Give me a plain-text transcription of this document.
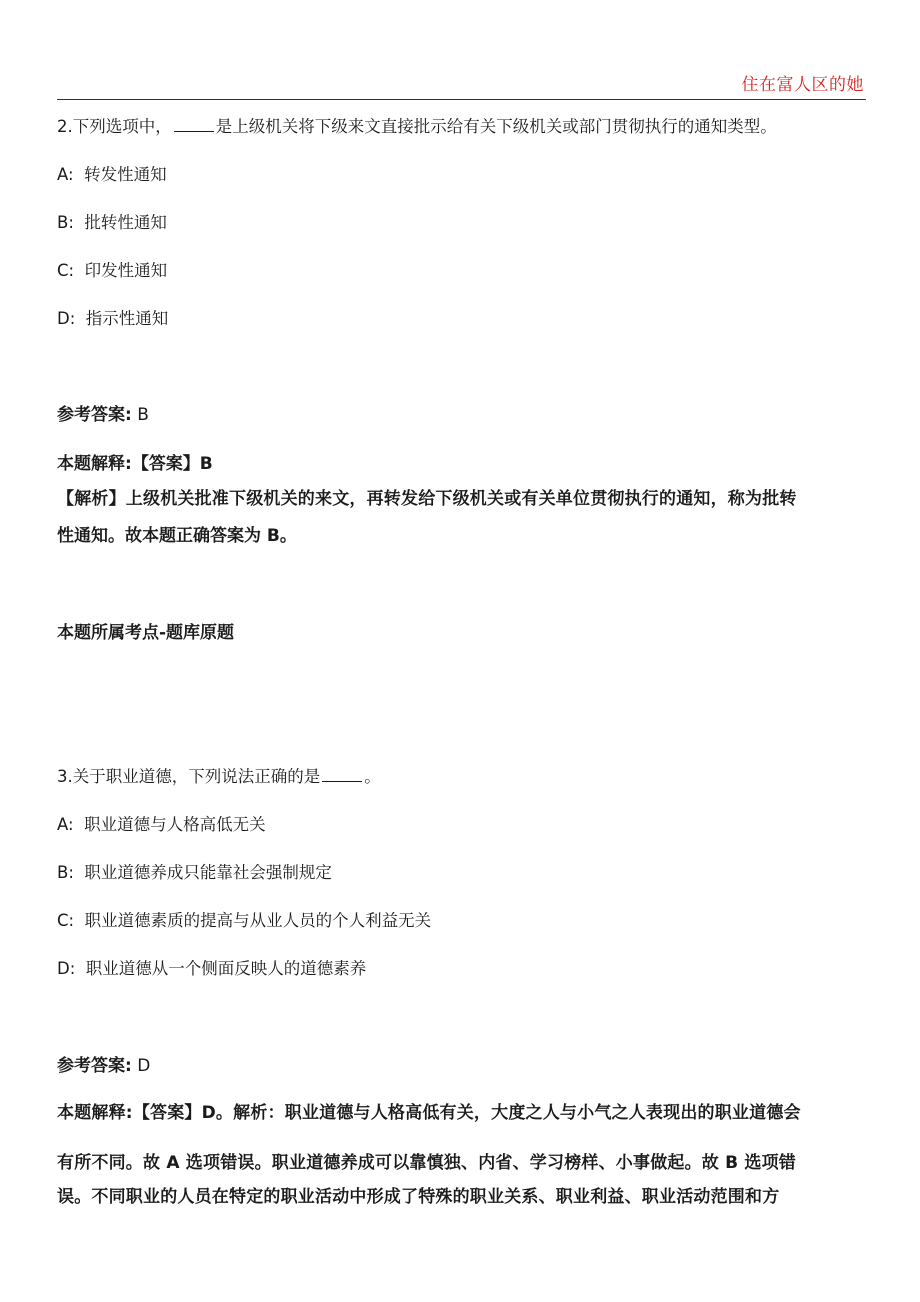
住在富人区的她
2.下列选项中，	是上级机关将下级来文直接批示给有关下级机关或部门贯彻执行的通知类型。
A: 转发性通知
B: 批转性通知
C: 印发性通知
D: 指示性通知
参考答案: B
本题解释:【答案】B
【解析】上级机关批准下级机关的来文，再转发给下级机关或有关单位贯彻执行的通知，称为批转
性通知。故本题正确答案为 B。
本题所属考点-题库原题
3.关于职业道德，下列说法正确的是	。
A: 职业道德与人格高低无关
B: 职业道德养成只能靠社会强制规定
C: 职业道德素质的提高与从业人员的个人利益无关
D: 职业道德从一个侧面反映人的道德素养
参考答案: D
本题解释:【答案】D。解析：职业道德与人格高低有关，大度之人与小气之人表现出的职业道德会
有所不同。故 A 选项错误。职业道德养成可以靠慎独、内省、学习榜样、小事做起。故 B 选项错
误。不同职业的人员在特定的职业活动中形成了特殊的职业关系、职业利益、职业活动范围和方
